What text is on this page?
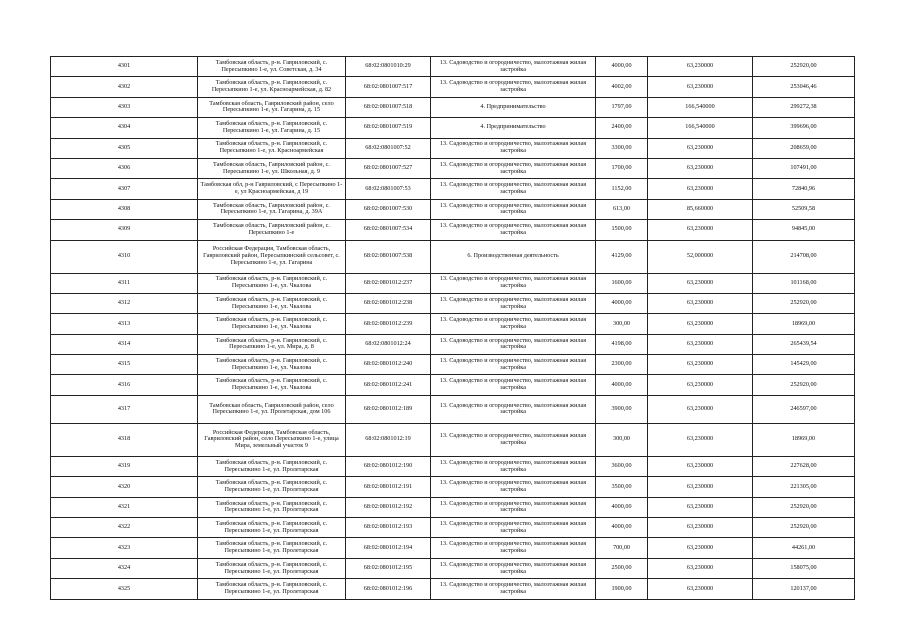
4301	Тамбовская область, р-н. Гавриловский, с. Пересыпкино 1-е, ул. Советская, д. 34	68:02:0801010:29	13. Садоводство и огородничество, малоэтажная жилая застройка	4000,00	63,230000	252920,00
4302	Тамбовская область, р-н. Гавриловский, с. Пересыпкино 1-е, ул. Красноармейская, д. 82	68:02:0801007:517	13. Садоводство и огородничество, малоэтажная жилая застройка	4002,00	63,230000	253046,46
4303	Тамбовская область, Гавриловский район, село Пересыпкино 1-е, ул. Гагарина, д. 15	68:02:0801007:518	4. Предпринимательство	1797,00	166,540000	299272,38
4304	Тамбовская область, р-н. Гавриловский, с. Пересыпкино 1-е, ул. Гагарина, д. 15	68:02:0801007:519	4. Предпринимательство	2400,00	166,540000	399696,00
4305	Тамбовская область, р-н. Гавриловский, с. Пересыпкино 1-е, ул. Красноармейская	68:02:0801007:52	13. Садоводство и огородничество, малоэтажная жилая застройка	3300,00	63,230000	208659,00
4306	Тамбовская область, Гавриловский район, с. Пересыпкино 1-е, ул. Школьная, д. 9	68:02:0801007:527	13. Садоводство и огородничество, малоэтажная жилая застройка	1700,00	63,230000	107491,00
4307	Тамбовская обл, р-н Гавриловский, с Пересыпкино 1-е, ул Красноармейская, д 19	68:02:0801007:53	13. Садоводство и огородничество, малоэтажная жилая застройка	1152,00	63,230000	72840,96
4308	Тамбовская область, Гавриловский район, с. Пересыпкино 1-е, ул. Гагарина, д. 39А	68:02:0801007:530	13. Садоводство и огородничество, малоэтажная жилая застройка	613,00	85,660000	52509,58
4309	Тамбовская область, Гавриловский район, с. Пересыпкино 1-е	68:02:0801007:534	13. Садоводство и огородничество, малоэтажная жилая застройка	1500,00	63,230000	94845,00
4310	Российская Федерация, Тамбовская область, Гавриловский район, Пересыпкинский сельсовет, с. Пересыпкино 1-е, ул. Гагарина	68:02:0801007:538	6. Производственная деятельность	4129,00	52,000000	214708,00
4311	Тамбовская область, р-н. Гавриловский, с. Пересыпкино 1-е, ул. Чкалова	68:02:0801012:237	13. Садоводство и огородничество, малоэтажная жилая застройка	1600,00	63,230000	101168,00
4312	Тамбовская область, р-н. Гавриловский, с. Пересыпкино 1-е, ул. Чкалова	68:02:0801012:238	13. Садоводство и огородничество, малоэтажная жилая застройка	4000,00	63,230000	252920,00
4313	Тамбовская область, р-н. Гавриловский, с. Пересыпкино 1-е, ул. Чкалова	68:02:0801012:239	13. Садоводство и огородничество, малоэтажная жилая застройка	300,00	63,230000	18969,00
4314	Тамбовская область, р-н. Гавриловский, с. Пересыпкино 1-е, ул. Мира, д. 8	68:02:0801012:24	13. Садоводство и огородничество, малоэтажная жилая застройка	4198,00	63,230000	265439,54
4315	Тамбовская область, р-н. Гавриловский, с. Пересыпкино 1-е, ул. Чкалова	68:02:0801012:240	13. Садоводство и огородничество, малоэтажная жилая застройка	2300,00	63,230000	145429,00
4316	Тамбовская область, р-н. Гавриловский, с. Пересыпкино 1-е, ул. Чкалова	68:02:0801012:241	13. Садоводство и огородничество, малоэтажная жилая застройка	4000,00	63,230000	252920,00
4317	Тамбовская область, Гавриловский район, село Пересыпкино 1-е, ул. Пролетарская, дом 106	68:02:0801012:189	13. Садоводство и огородничество, малоэтажная жилая застройка	3900,00	63,230000	246597,00
4318	Российская Федерация, Тамбовская область, Гавриловский район, село Пересыпкино 1-е, улица Мира, земельный участок 9	68:02:0801012:19	13. Садоводство и огородничество, малоэтажная жилая застройка	300,00	63,230000	18969,00
4319	Тамбовская область, р-н. Гавриловский, с. Пересыпкино 1-е, ул. Пролетарская	68:02:0801012:190	13. Садоводство и огородничество, малоэтажная жилая застройка	3600,00	63,230000	227628,00
4320	Тамбовская область, р-н. Гавриловский, с. Пересыпкино 1-е, ул. Пролетарская	68:02:0801012:191	13. Садоводство и огородничество, малоэтажная жилая застройка	3500,00	63,230000	221305,00
4321	Тамбовская область, р-н. Гавриловский, с. Пересыпкино 1-е, ул. Пролетарская	68:02:0801012:192	13. Садоводство и огородничество, малоэтажная жилая застройка	4000,00	63,230000	252920,00
4322	Тамбовская область, р-н. Гавриловский, с. Пересыпкино 1-е, ул. Пролетарская	68:02:0801012:193	13. Садоводство и огородничество, малоэтажная жилая застройка	4000,00	63,230000	252920,00
4323	Тамбовская область, р-н. Гавриловский, с. Пересыпкино 1-е, ул. Пролетарская	68:02:0801012:194	13. Садоводство и огородничество, малоэтажная жилая застройка	700,00	63,230000	44261,00
4324	Тамбовская область, р-н. Гавриловский, с. Пересыпкино 1-е, ул. Пролетарская	68:02:0801012:195	13. Садоводство и огородничество, малоэтажная жилая застройка	2500,00	63,230000	158075,00
4325	Тамбовская область, р-н. Гавриловский, с. Пересыпкино 1-е, ул. Пролетарская	68:02:0801012:196	13. Садоводство и огородничество, малоэтажная жилая застройка	1900,00	63,230000	120137,00
